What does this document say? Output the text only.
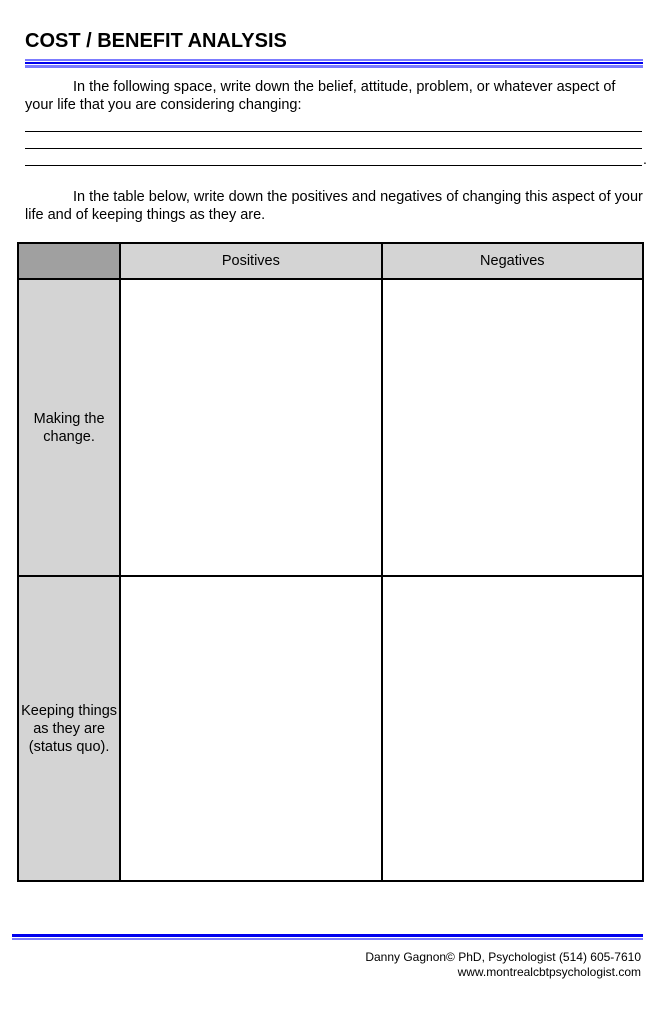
COST / BENEFIT ANALYSIS
In the following space, write down the belief, attitude, problem, or whatever aspect of your life that you are considering changing:
.
In the table below, write down the positives and negatives of changing this aspect of your life and of keeping things as they are.
	Positives	Negatives
Making the change.		
Keeping things as they are (status quo).		
Danny Gagnon© PhD, Psychologist (514) 605-7610
www.montrealcbtpsychologist.com
